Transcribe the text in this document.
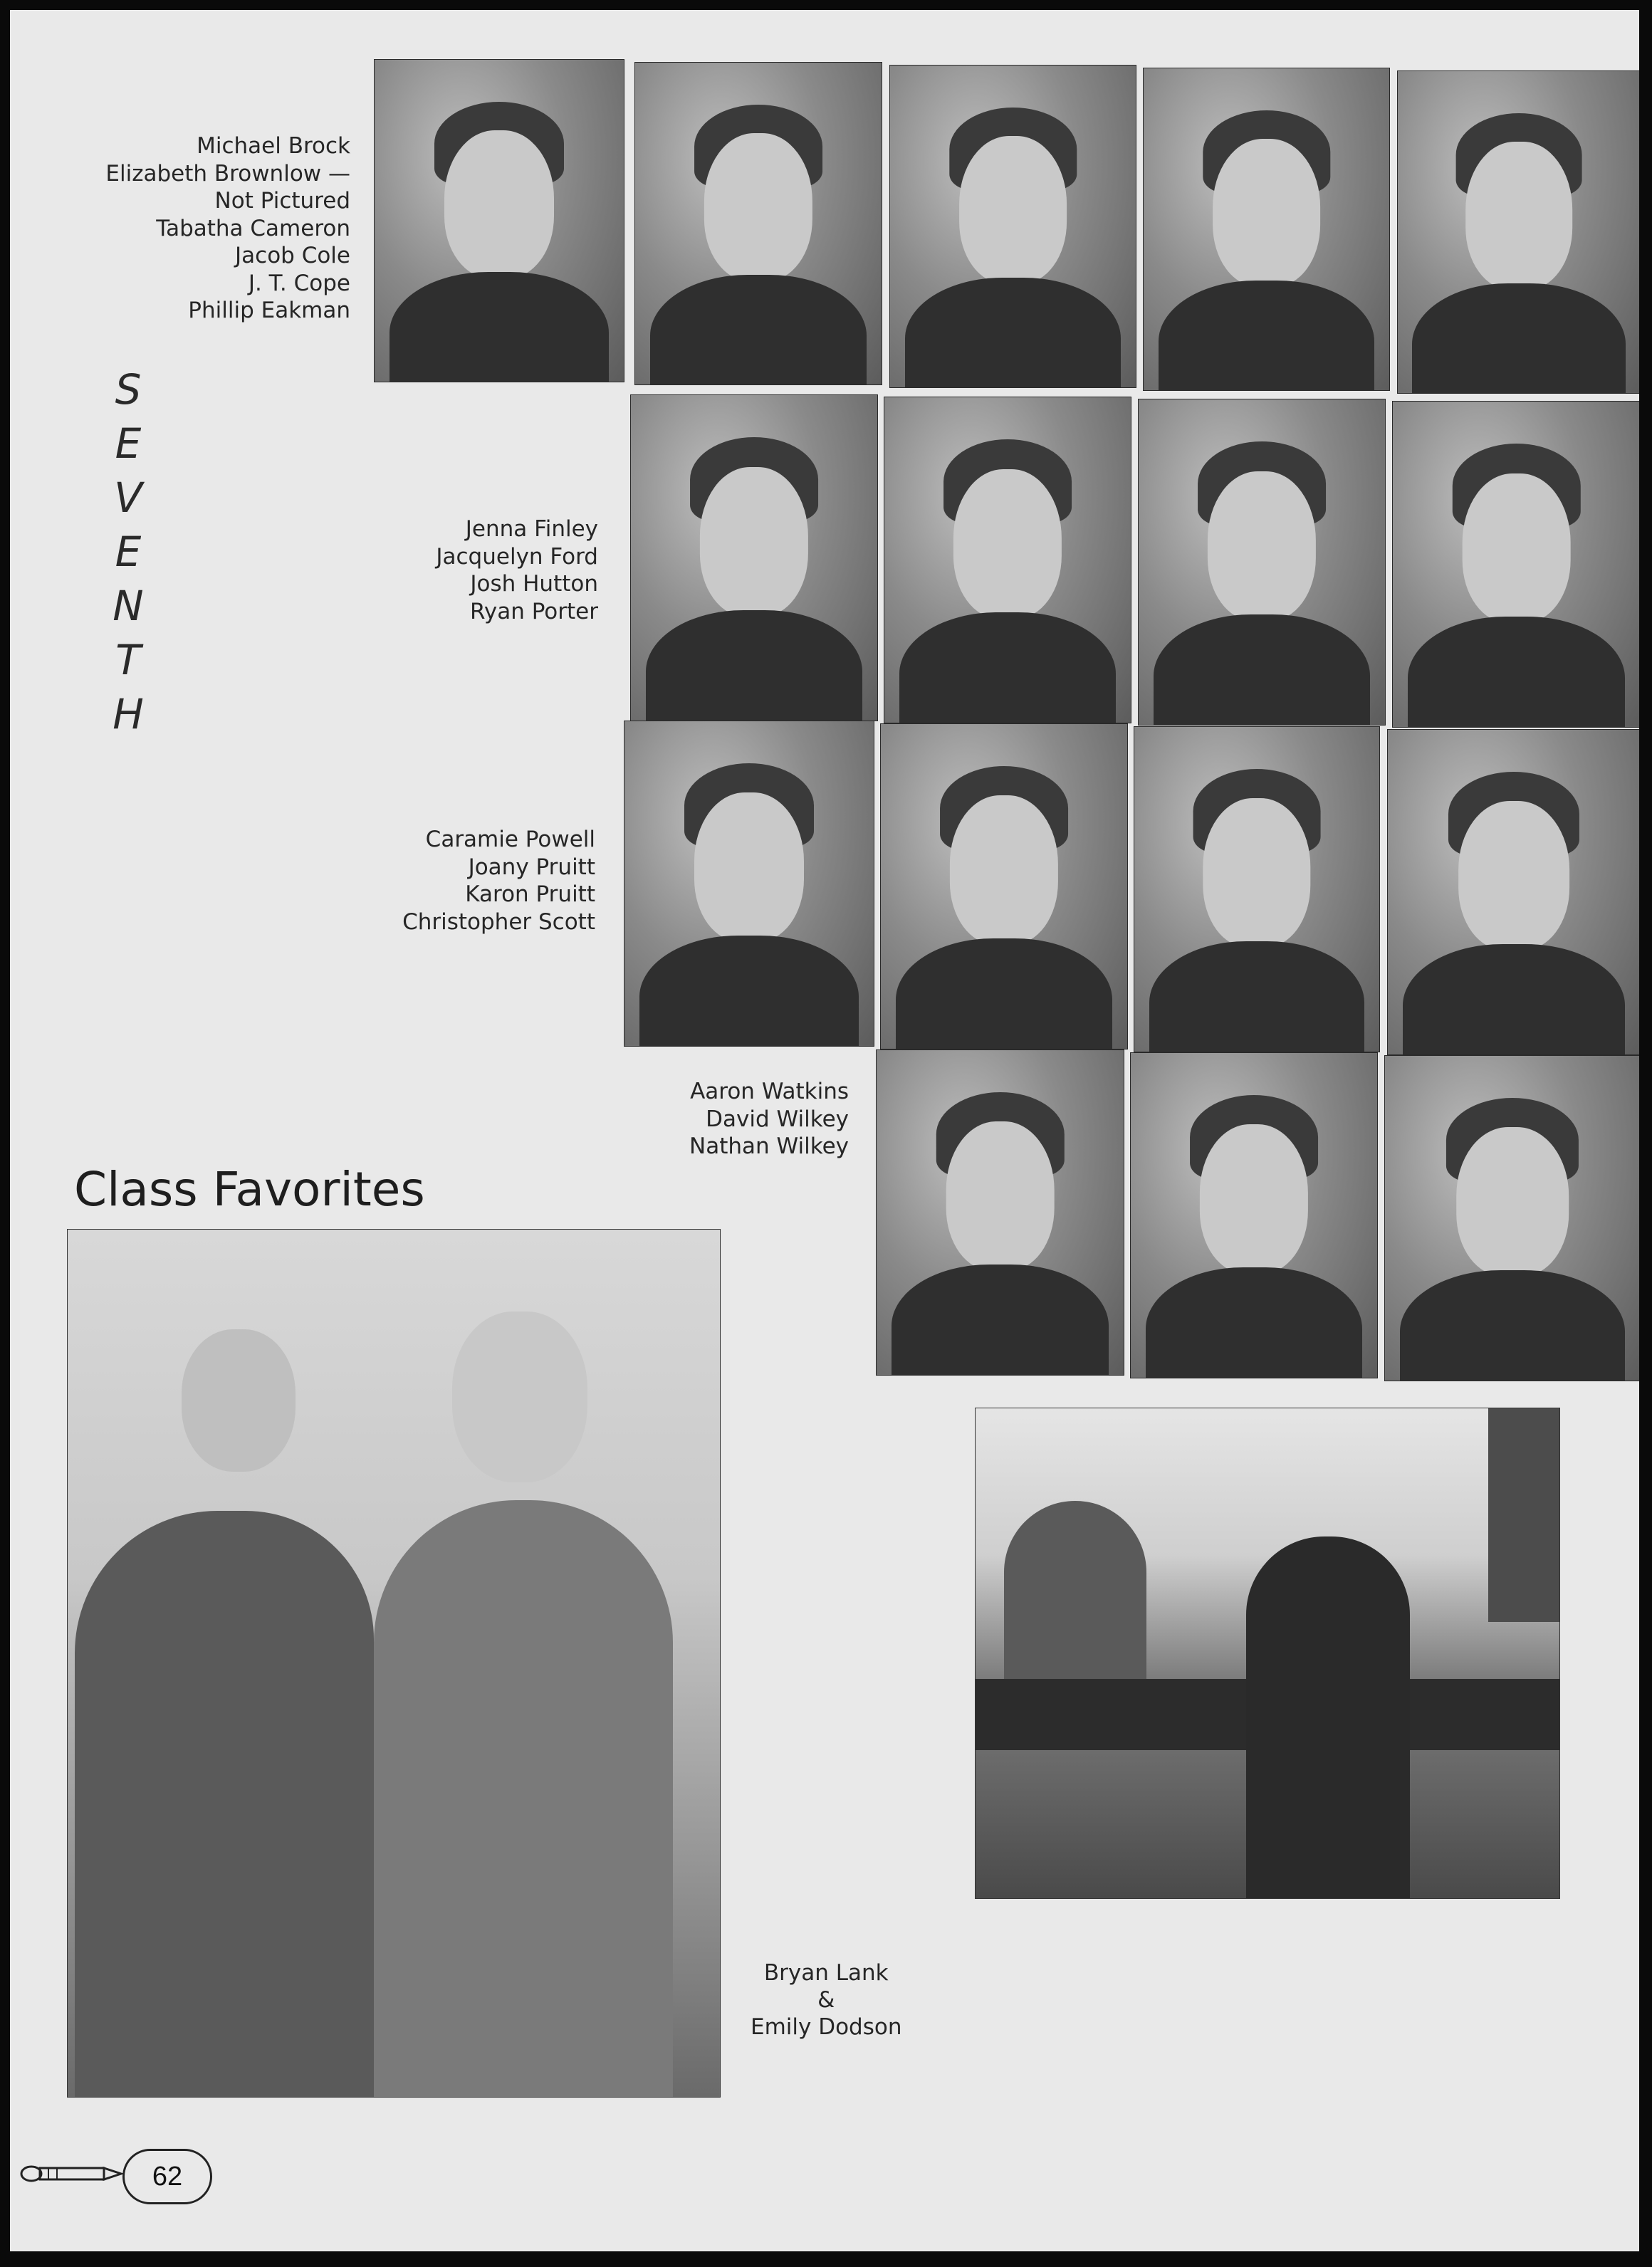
Michael Brock
Elizabeth Brownlow —
Not Pictured
Tabatha Cameron
Jacob Cole
J. T. Cope
Phillip Eakman
S
E
V
E
N
T
H
Jenna Finley
Jacquelyn Ford
Josh Hutton
Ryan Porter
Caramie Powell
Joany Pruitt
Karon Pruitt
Christopher Scott
Aaron Watkins
David Wilkey
Nathan Wilkey
Class Favorites
Bryan Lank
&
Emily Dodson
62
